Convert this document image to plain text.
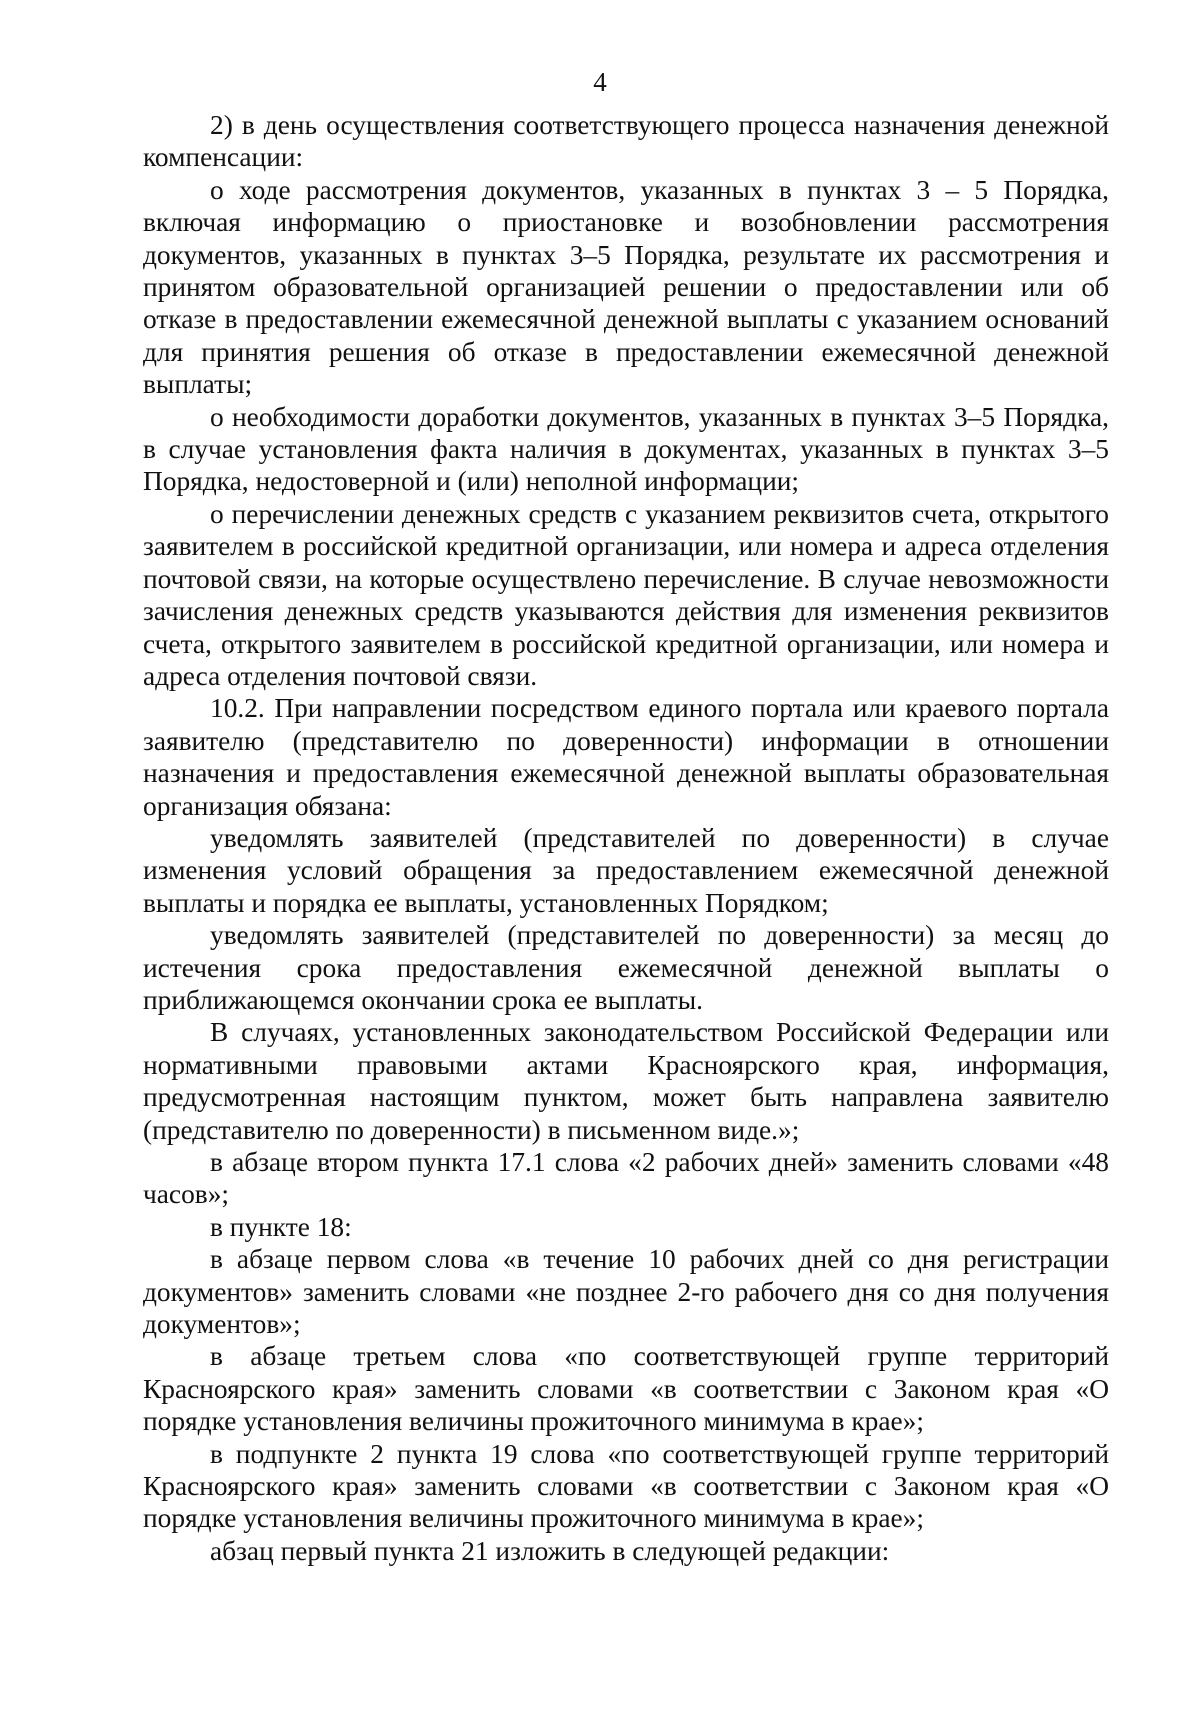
4

2) в день осуществления соответствующего процесса назначения денежной компенсации:

о ходе рассмотрения документов, указанных в пунктах 3 – 5 Порядка, включая информацию о приостановке и возобновлении рассмотрения документов, указанных в пунктах 3–5 Порядка, результате их рассмотрения и принятом образовательной организацией решении о предоставлении или об отказе в предоставлении ежемесячной денежной выплаты с указанием оснований для принятия решения об отказе в предоставлении ежемесячной денежной выплаты;

о необходимости доработки документов, указанных в пунктах 3–5 Порядка, в случае установления факта наличия в документах, указанных в пунктах 3–5 Порядка, недостоверной и (или) неполной информации;

о перечислении денежных средств с указанием реквизитов счета, открытого заявителем в российской кредитной организации, или номера и адреса отделения почтовой связи, на которые осуществлено перечисление. В случае невозможности зачисления денежных средств указываются действия для изменения реквизитов счета, открытого заявителем в российской кредитной организации, или номера и адреса отделения почтовой связи.

10.2. При направлении посредством единого портала или краевого портала заявителю (представителю по доверенности) информации в отношении назначения и предоставления ежемесячной денежной выплаты образовательная организация обязана:

уведомлять заявителей (представителей по доверенности) в случае изменения условий обращения за предоставлением ежемесячной денежной выплаты и порядка ее выплаты, установленных Порядком;

уведомлять заявителей (представителей по доверенности) за месяц до истечения срока предоставления ежемесячной денежной выплаты о приближающемся окончании срока ее выплаты.

В случаях, установленных законодательством Российской Федерации или нормативными правовыми актами Красноярского края, информация, предусмотренная настоящим пунктом, может быть направлена заявителю (представителю по доверенности) в письменном виде.»;

в абзаце втором пункта 17.1 слова «2 рабочих дней» заменить словами «48 часов»;

в пункте 18:

в абзаце первом слова «в течение 10 рабочих дней со дня регистрации документов» заменить словами «не позднее 2-го рабочего дня со дня получения документов»;

в абзаце третьем слова «по соответствующей группе территорий Красноярского края» заменить словами «в соответствии с Законом края «О порядке установления величины прожиточного минимума в крае»;

в подпункте 2 пункта 19 слова «по соответствующей группе территорий Красноярского края» заменить словами «в соответствии с Законом края «О порядке установления величины прожиточного минимума в крае»;

абзац первый пункта 21 изложить в следующей редакции:
